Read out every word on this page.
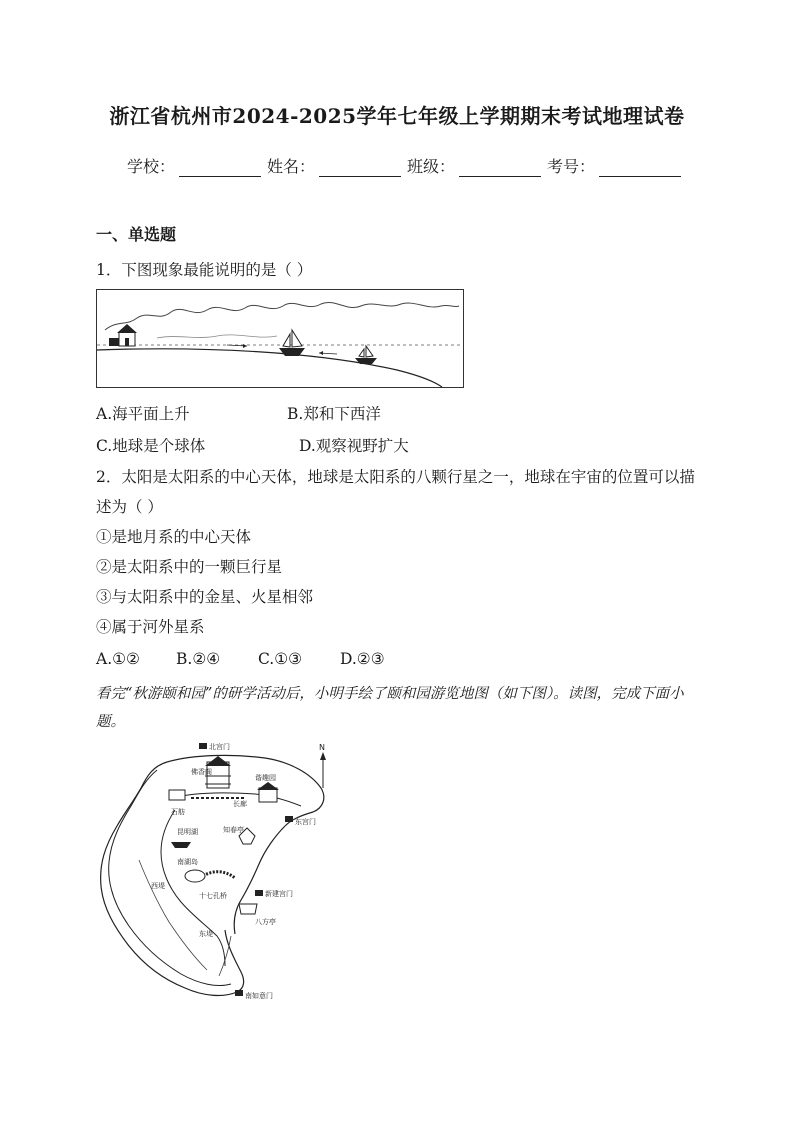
浙江省杭州市2024-2025学年七年级上学期期末考试地理试卷
学校：	姓名：	班级：	考号：
一、单选题
1．下图现象最能说明的是（ ）
A.海平面上升	B.郑和下西洋
C.地球是个球体	D.观察视野扩大
2．太阳是太阳系的中心天体，地球是太阳系的八颗行星之一，地球在宇宙的位置可以描述为（ ）
①是地月系的中心天体
②是太阳系中的一颗巨行星
③与太阳系中的金星、火星相邻
④属于河外星系
A.①② B.②④ C.①③ D.②③
看完“秋游颐和园”的研学活动后，小明手绘了颐和园游览地图（如下图）。读图，完成下面小题。
N
北宫门
佛香阁
谐趣园
长廊
石舫
东宫门
昆明湖	知春亭
南湖岛
西堤
十七孔桥	新建宫门
八方亭
东堤
南如意门
